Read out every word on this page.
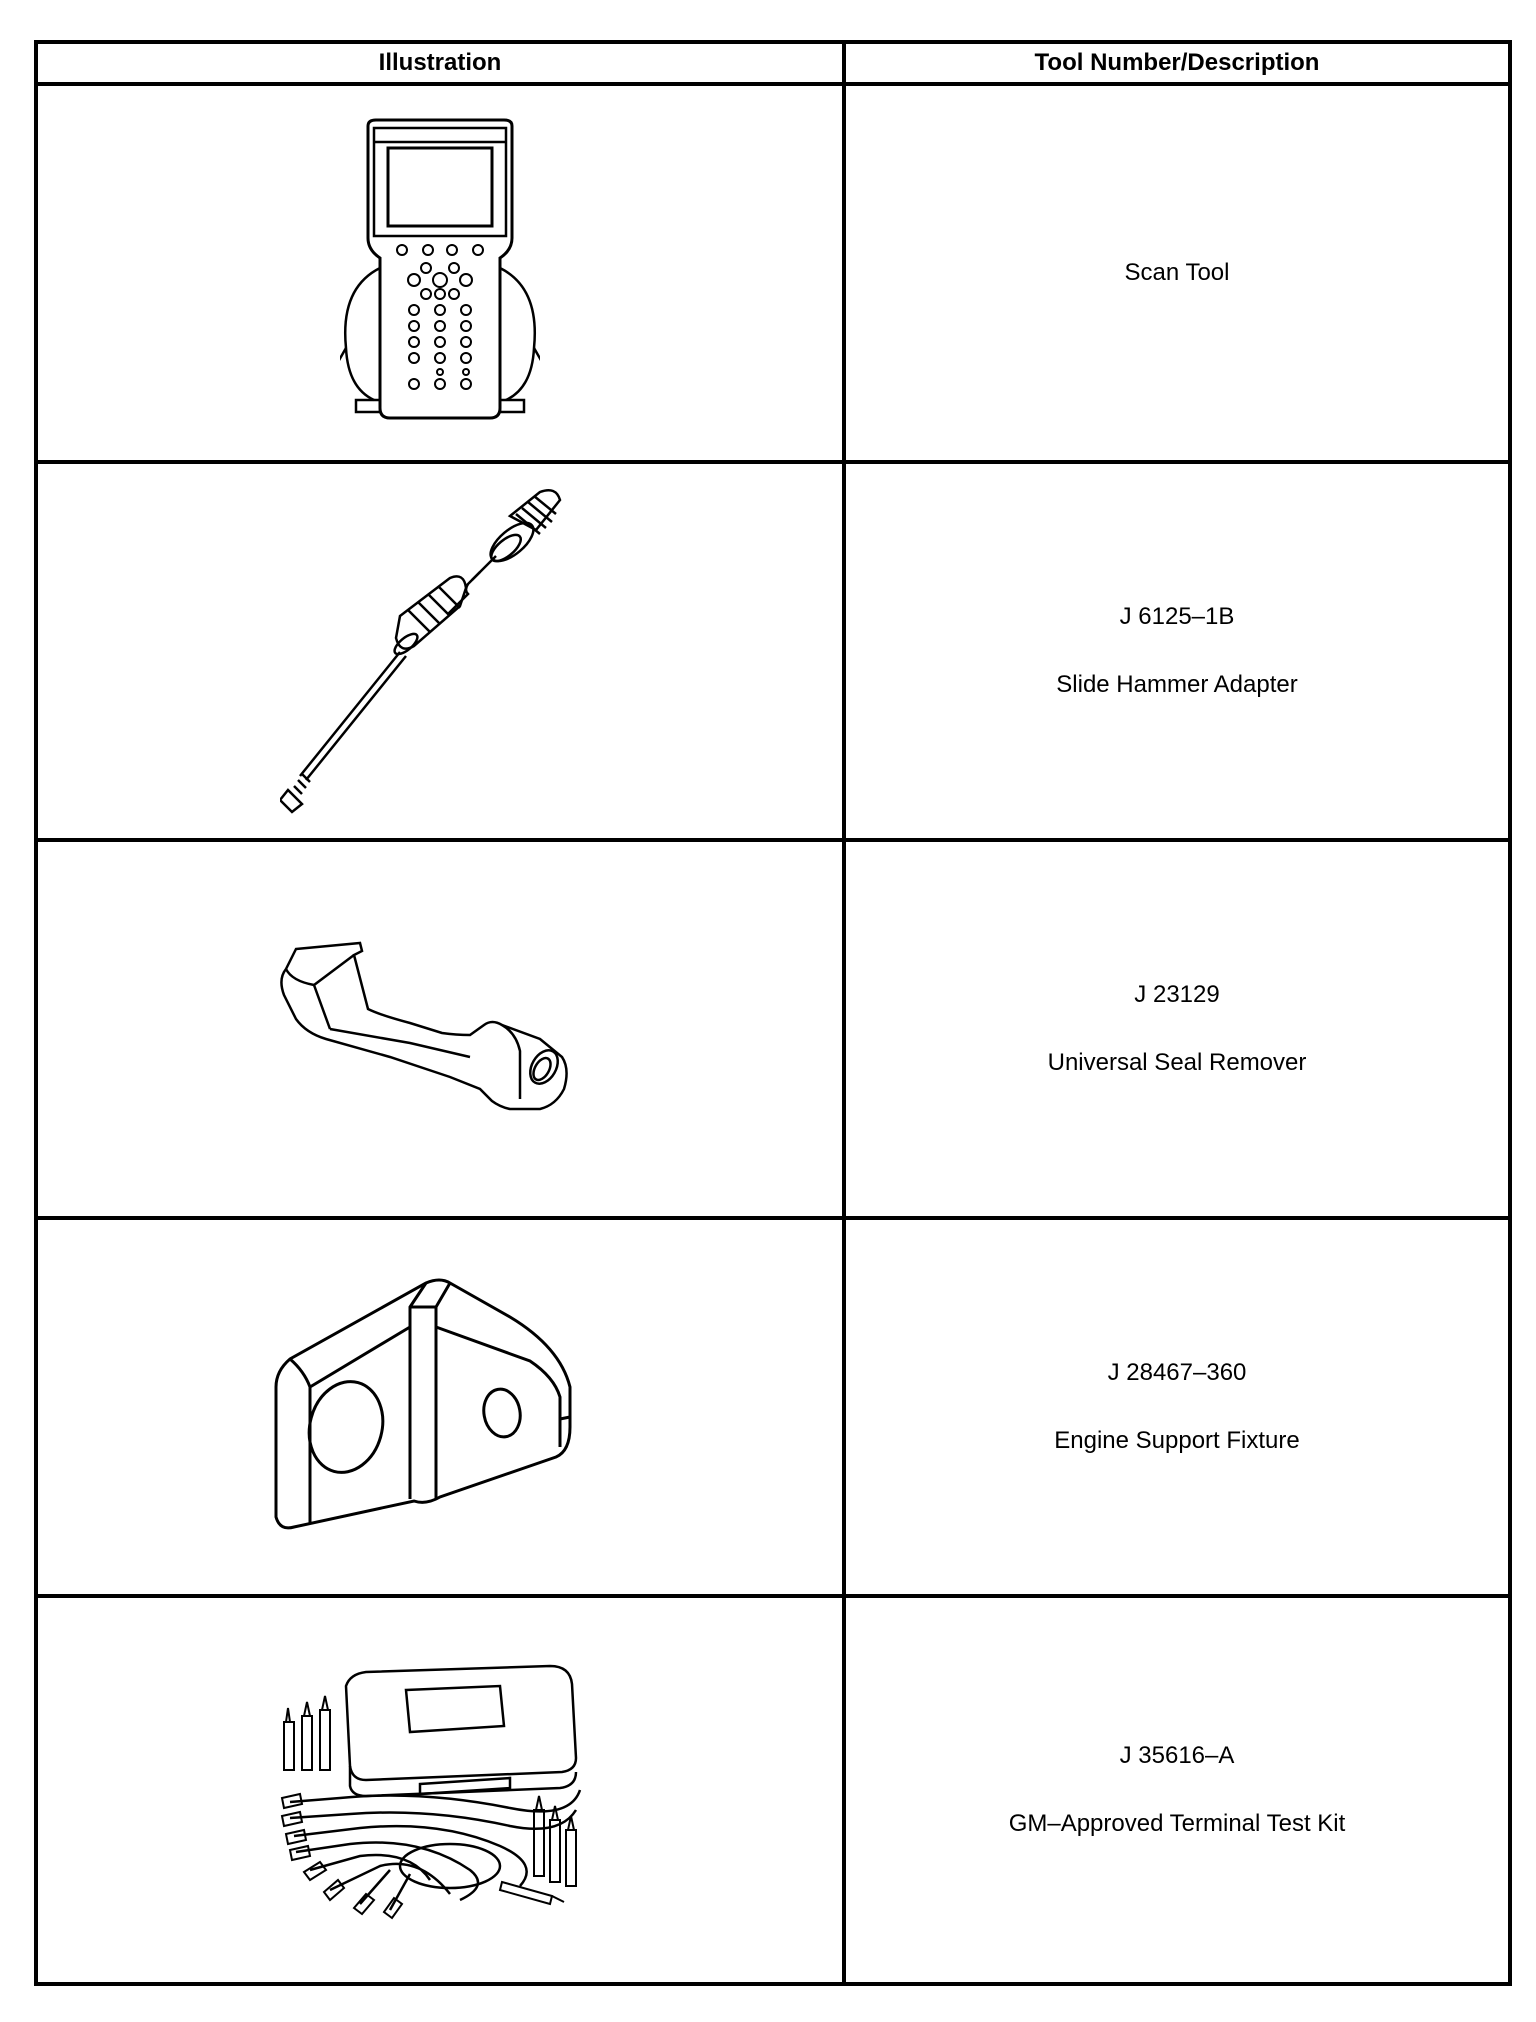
Illustration	Tool Number/Description

Scan Tool

J 6125–1B
Slide Hammer Adapter

J 23129
Universal Seal Remover

J 28467–360
Engine Support Fixture

J 35616–A
GM–Approved Terminal Test Kit
